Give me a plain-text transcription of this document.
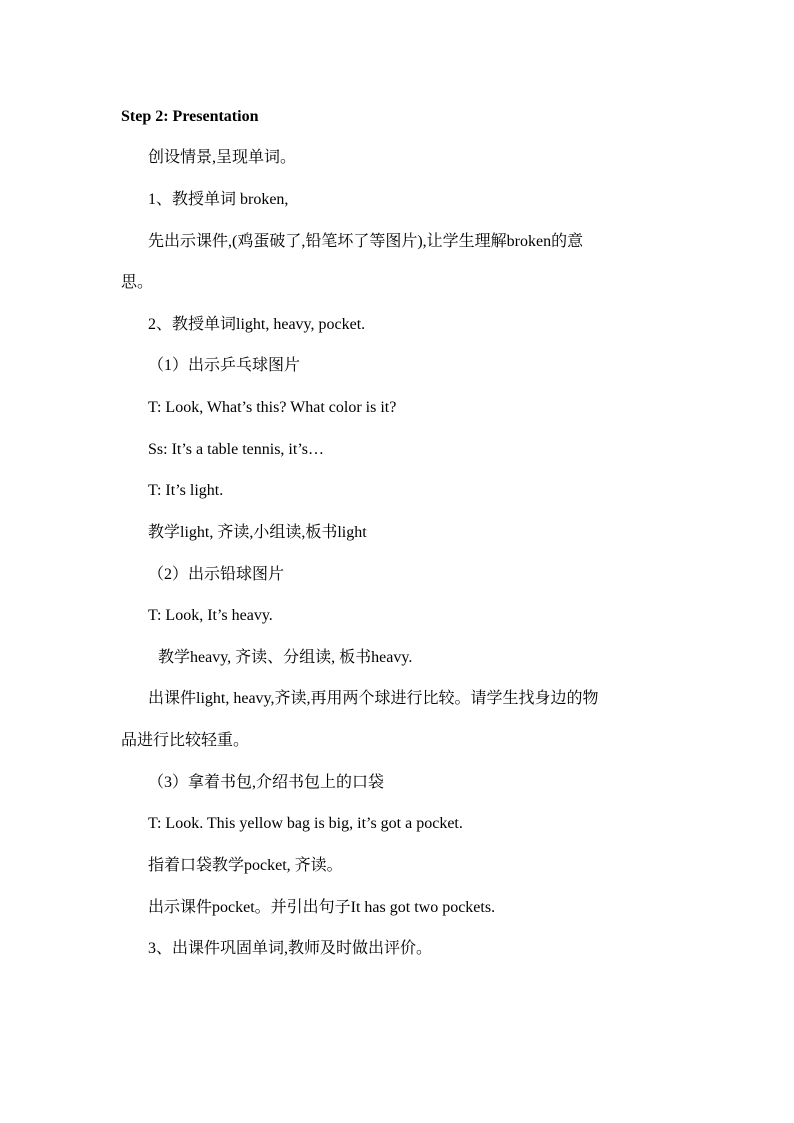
Step 2: Presentation
创设情景,呈现单词。
1、教授单词 broken,
先出示课件,(鸡蛋破了,铅笔坏了等图片),让学生理解broken的意
思。
2、教授单词light, heavy, pocket.
（1）出示乒乓球图片
T: Look, What’s this? What color is it?
Ss: It’s a table tennis, it’s…
T: It’s light.
教学light, 齐读,小组读,板书light
（2）出示铅球图片
T: Look, It’s heavy.
教学heavy, 齐读、分组读, 板书heavy.
出课件light, heavy,齐读,再用两个球进行比较。请学生找身边的物
品进行比较轻重。
（3）拿着书包,介绍书包上的口袋
T: Look. This yellow bag is big, it’s got a pocket.
指着口袋教学pocket, 齐读。
出示课件pocket。并引出句子It has got two pockets.
3、出课件巩固单词,教师及时做出评价。
